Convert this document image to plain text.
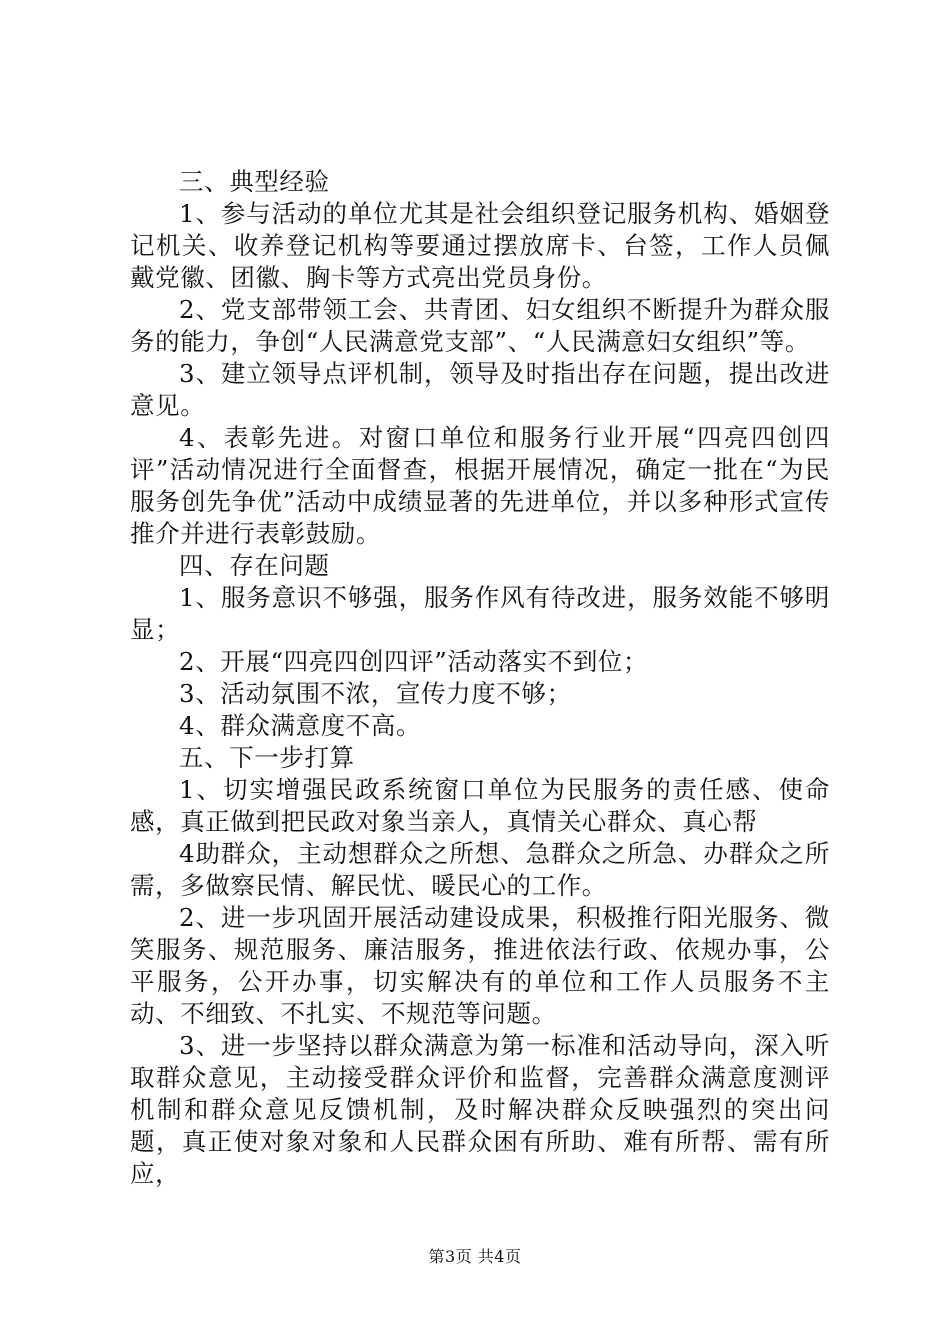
三、典型经验

1、参与活动的单位尤其是社会组织登记服务机构、婚姻登记机关、收养登记机构等要通过摆放席卡、台签，工作人员佩戴党徽、团徽、胸卡等方式亮出党员身份。

2、党支部带领工会、共青团、妇女组织不断提升为群众服务的能力，争创“人民满意党支部”、“人民满意妇女组织”等。

3、建立领导点评机制，领导及时指出存在问题，提出改进意见。

4、表彰先进。对窗口单位和服务行业开展“四亮四创四评”活动情况进行全面督查，根据开展情况，确定一批在“为民服务创先争优”活动中成绩显著的先进单位，并以多种形式宣传推介并进行表彰鼓励。

四、存在问题

1、服务意识不够强，服务作风有待改进，服务效能不够明显；

2、开展“四亮四创四评”活动落实不到位；

3、活动氛围不浓，宣传力度不够；

4、群众满意度不高。

五、下一步打算

1、切实增强民政系统窗口单位为民服务的责任感、使命感，真正做到把民政对象当亲人，真情关心群众、真心帮

4助群众，主动想群众之所想、急群众之所急、办群众之所需，多做察民情、解民忧、暖民心的工作。

2、进一步巩固开展活动建设成果，积极推行阳光服务、微笑服务、规范服务、廉洁服务，推进依法行政、依规办事，公平服务，公开办事，切实解决有的单位和工作人员服务不主动、不细致、不扎实、不规范等问题。

3、进一步坚持以群众满意为第一标准和活动导向，深入听取群众意见，主动接受群众评价和监督，完善群众满意度测评机制和群众意见反馈机制，及时解决群众反映强烈的突出问题，真正使对象对象和人民群众困有所助、难有所帮、需有所应，

第3页 共4页
